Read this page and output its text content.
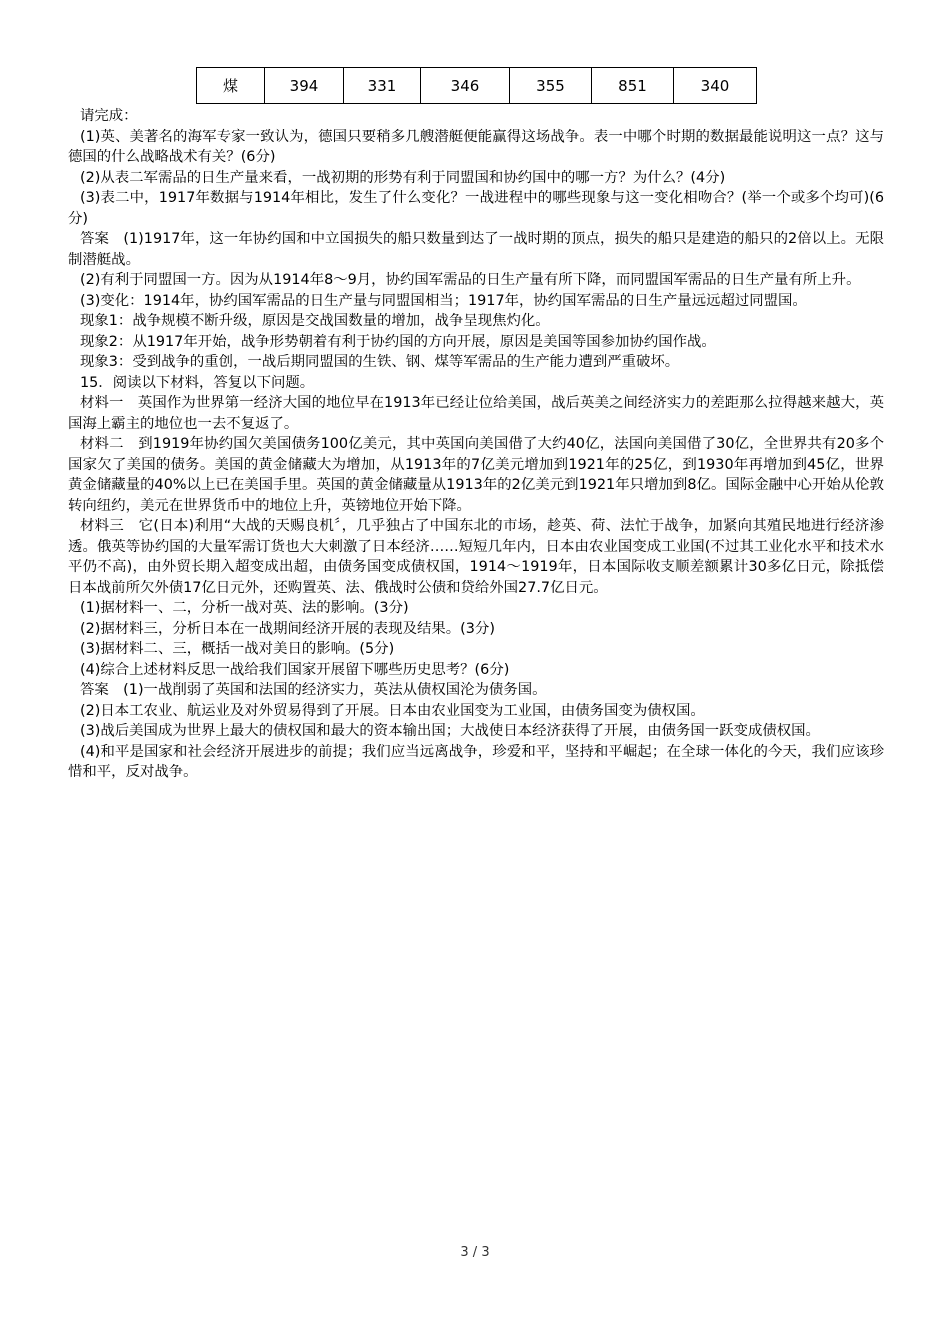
煤	394	331	346	355	851	340

请完成：

(1)英、美著名的海军专家一致认为，德国只要稍多几艘潜艇便能赢得这场战争。表一中哪个时期的数据最能说明这一点？这与德国的什么战略战术有关？(6分)

(2)从表二军需品的日生产量来看，一战初期的形势有利于同盟国和协约国中的哪一方？为什么？(4分)

(3)表二中，1917年数据与1914年相比，发生了什么变化？一战进程中的哪些现象与这一变化相吻合？(举一个或多个均可)(6分)

答案　(1)1917年，这一年协约国和中立国损失的船只数量到达了一战时期的顶点，损失的船只是建造的船只的2倍以上。无限制潜艇战。

(2)有利于同盟国一方。因为从1914年8～9月，协约国军需品的日生产量有所下降，而同盟国军需品的日生产量有所上升。

(3)变化：1914年，协约国军需品的日生产量与同盟国相当；1917年，协约国军需品的日生产量远远超过同盟国。

现象1：战争规模不断升级，原因是交战国数量的增加，战争呈现焦灼化。

现象2：从1917年开始，战争形势朝着有利于协约国的方向开展，原因是美国等国参加协约国作战。

现象3：受到战争的重创，一战后期同盟国的生铁、钢、煤等军需品的生产能力遭到严重破坏。

15．阅读以下材料，答复以下问题。

材料一　英国作为世界第一经济大国的地位早在1913年已经让位给美国，战后英美之间经济实力的差距那么拉得越来越大，英国海上霸主的地位也一去不复返了。

材料二　到1919年协约国欠美国债务100亿美元，其中英国向美国借了大约40亿，法国向美国借了30亿，全世界共有20多个国家欠了美国的债务。美国的黄金储藏大为增加，从1913年的7亿美元增加到1921年的25亿，到1930年再增加到45亿，世界黄金储藏量的40%以上已在美国手里。英国的黄金储藏量从1913年的2亿美元到1921年只增加到8亿。国际金融中心开始从伦敦转向纽约，美元在世界货币中的地位上升，英镑地位开始下降。

材料三　它(日本)利用“大战的天赐良机〞，几乎独占了中国东北的市场，趁英、荷、法忙于战争，加紧向其殖民地进行经济渗透。俄英等协约国的大量军需订货也大大刺激了日本经济……短短几年内，日本由农业国变成工业国(不过其工业化水平和技术水平仍不高)，由外贸长期入超变成出超，由债务国变成债权国，1914～1919年，日本国际收支顺差额累计30多亿日元，除抵偿日本战前所欠外债17亿日元外，还购置英、法、俄战时公债和贷给外国27.7亿日元。

(1)据材料一、二，分析一战对英、法的影响。(3分)

(2)据材料三，分析日本在一战期间经济开展的表现及结果。(3分)

(3)据材料二、三，概括一战对美日的影响。(5分)

(4)综合上述材料反思一战给我们国家开展留下哪些历史思考？(6分)

答案　(1)一战削弱了英国和法国的经济实力，英法从债权国沦为债务国。

(2)日本工农业、航运业及对外贸易得到了开展。日本由农业国变为工业国，由债务国变为债权国。

(3)战后美国成为世界上最大的债权国和最大的资本输出国；大战使日本经济获得了开展，由债务国一跃变成债权国。

(4)和平是国家和社会经济开展进步的前提；我们应当远离战争，珍爱和平，坚持和平崛起；在全球一体化的今天，我们应该珍惜和平，反对战争。

3 / 3
